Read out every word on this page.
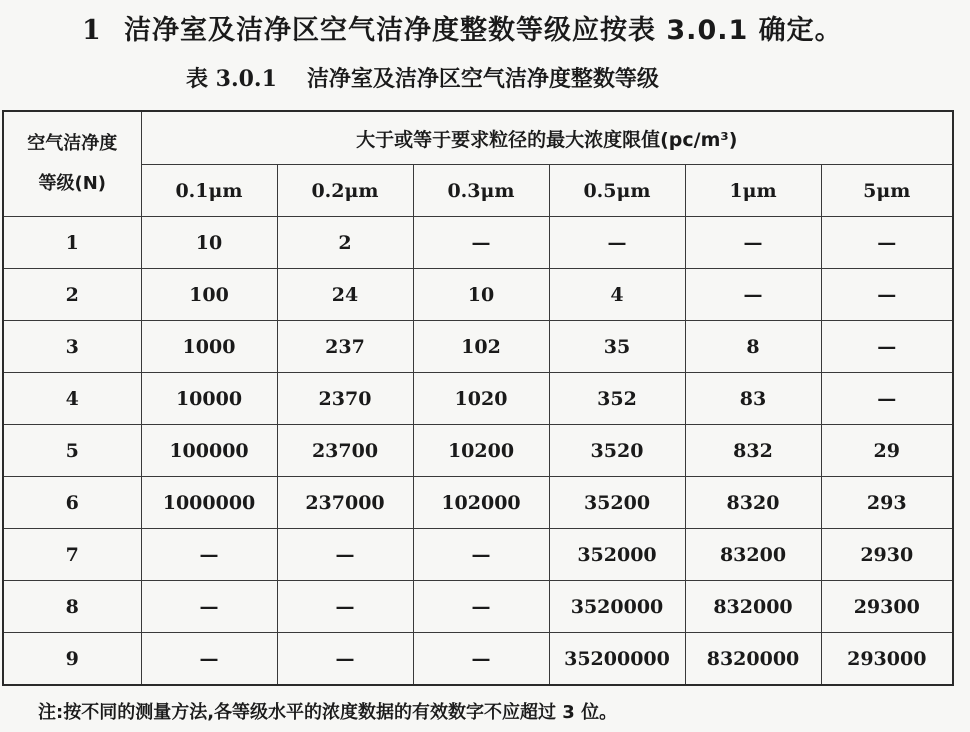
1 洁净室及洁净区空气洁净度整数等级应按表 3.0.1 确定。
表 3.0.1 洁净室及洁净区空气洁净度整数等级
空气洁净度
等级(N)	大于或等于要求粒径的最大浓度限值(pc/m³)					
	0.1μm	0.2μm	0.3μm	0.5μm	1μm	5μm
1	10	2	—	—	—	—
2	100	24	10	4	—	—
3	1000	237	102	35	8	—
4	10000	2370	1020	352	83	—
5	100000	23700	10200	3520	832	29
6	1000000	237000	102000	35200	8320	293
7	—	—	—	352000	83200	2930
8	—	—	—	3520000	832000	29300
9	—	—	—	35200000	8320000	293000
注:按不同的测量方法,各等级水平的浓度数据的有效数字不应超过 3 位。
